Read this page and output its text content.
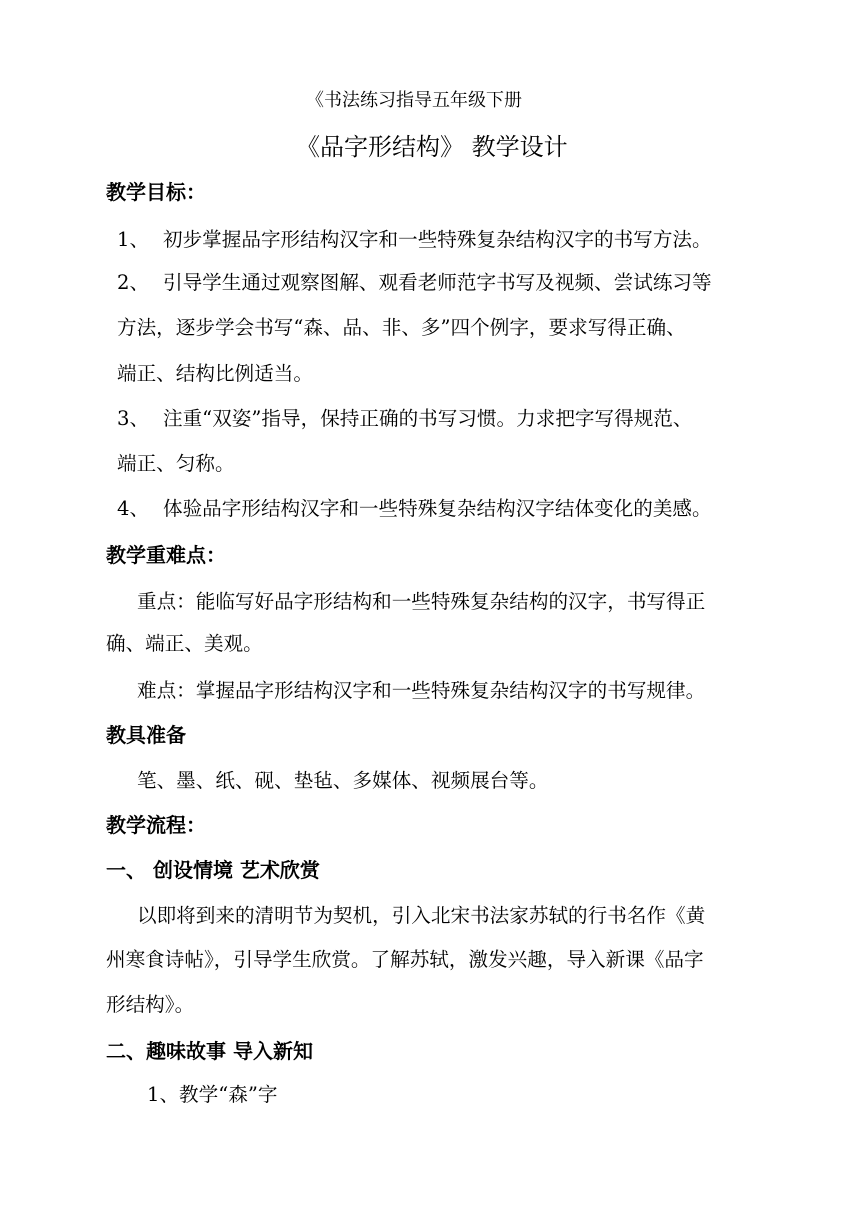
《书法练习指导五年级下册
《品字形结构》 教学设计
教学目标：
1、 初步掌握品字形结构汉字和一些特殊复杂结构汉字的书写方法。
2、 引导学生通过观察图解、观看老师范字书写及视频、尝试练习等
方法，逐步学会书写“森、品、非、多”四个例字，要求写得正确、
端正、结构比例适当。
3、 注重“双姿”指导，保持正确的书写习惯。力求把字写得规范、
端正、匀称。
4、 体验品字形结构汉字和一些特殊复杂结构汉字结体变化的美感。
教学重难点：
重点：能临写好品字形结构和一些特殊复杂结构的汉字，书写得正
确、端正、美观。
难点：掌握品字形结构汉字和一些特殊复杂结构汉字的书写规律。
教具准备
笔、墨、纸、砚、垫毡、多媒体、视频展台等。
教学流程：
一、 创设情境 艺术欣赏
以即将到来的清明节为契机，引入北宋书法家苏轼的行书名作《黄
州寒食诗帖》，引导学生欣赏。了解苏轼，激发兴趣，导入新课《品字
形结构》。
二、趣味故事 导入新知
1、教学“森”字
